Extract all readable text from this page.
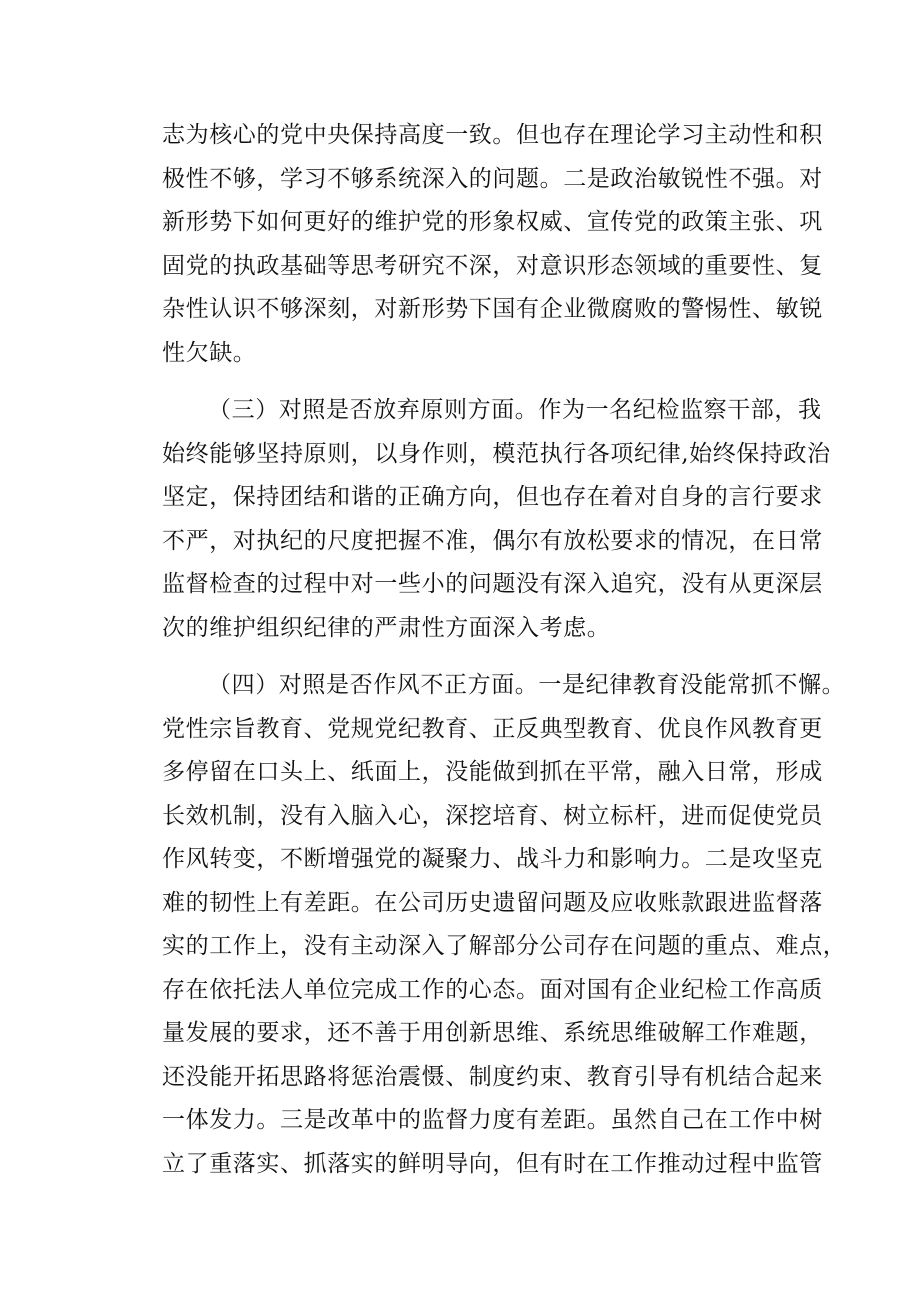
志为核心的党中央保持高度一致。但也存在理论学习主动性和积
极性不够，学习不够系统深入的问题。二是政治敏锐性不强。对
新形势下如何更好的维护党的形象权威、宣传党的政策主张、巩
固党的执政基础等思考研究不深，对意识形态领域的重要性、复
杂性认识不够深刻，对新形势下国有企业微腐败的警惕性、敏锐
性欠缺。
（三）对照是否放弃原则方面。作为一名纪检监察干部，我
始终能够坚持原则，以身作则，模范执行各项纪律,始终保持政治
坚定，保持团结和谐的正确方向，但也存在着对自身的言行要求
不严，对执纪的尺度把握不准，偶尔有放松要求的情况，在日常
监督检查的过程中对一些小的问题没有深入追究，没有从更深层
次的维护组织纪律的严肃性方面深入考虑。
（四）对照是否作风不正方面。一是纪律教育没能常抓不懈。
党性宗旨教育、党规党纪教育、正反典型教育、优良作风教育更
多停留在口头上、纸面上，没能做到抓在平常，融入日常，形成
长效机制，没有入脑入心，深挖培育、树立标杆，进而促使党员
作风转变，不断增强党的凝聚力、战斗力和影响力。二是攻坚克
难的韧性上有差距。在公司历史遗留问题及应收账款跟进监督落
实的工作上，没有主动深入了解部分公司存在问题的重点、难点，
存在依托法人单位完成工作的心态。面对国有企业纪检工作高质
量发展的要求，还不善于用创新思维、系统思维破解工作难题，
还没能开拓思路将惩治震慑、制度约束、教育引导有机结合起来
一体发力。三是改革中的监督力度有差距。虽然自己在工作中树
立了重落实、抓落实的鲜明导向，但有时在工作推动过程中监管
